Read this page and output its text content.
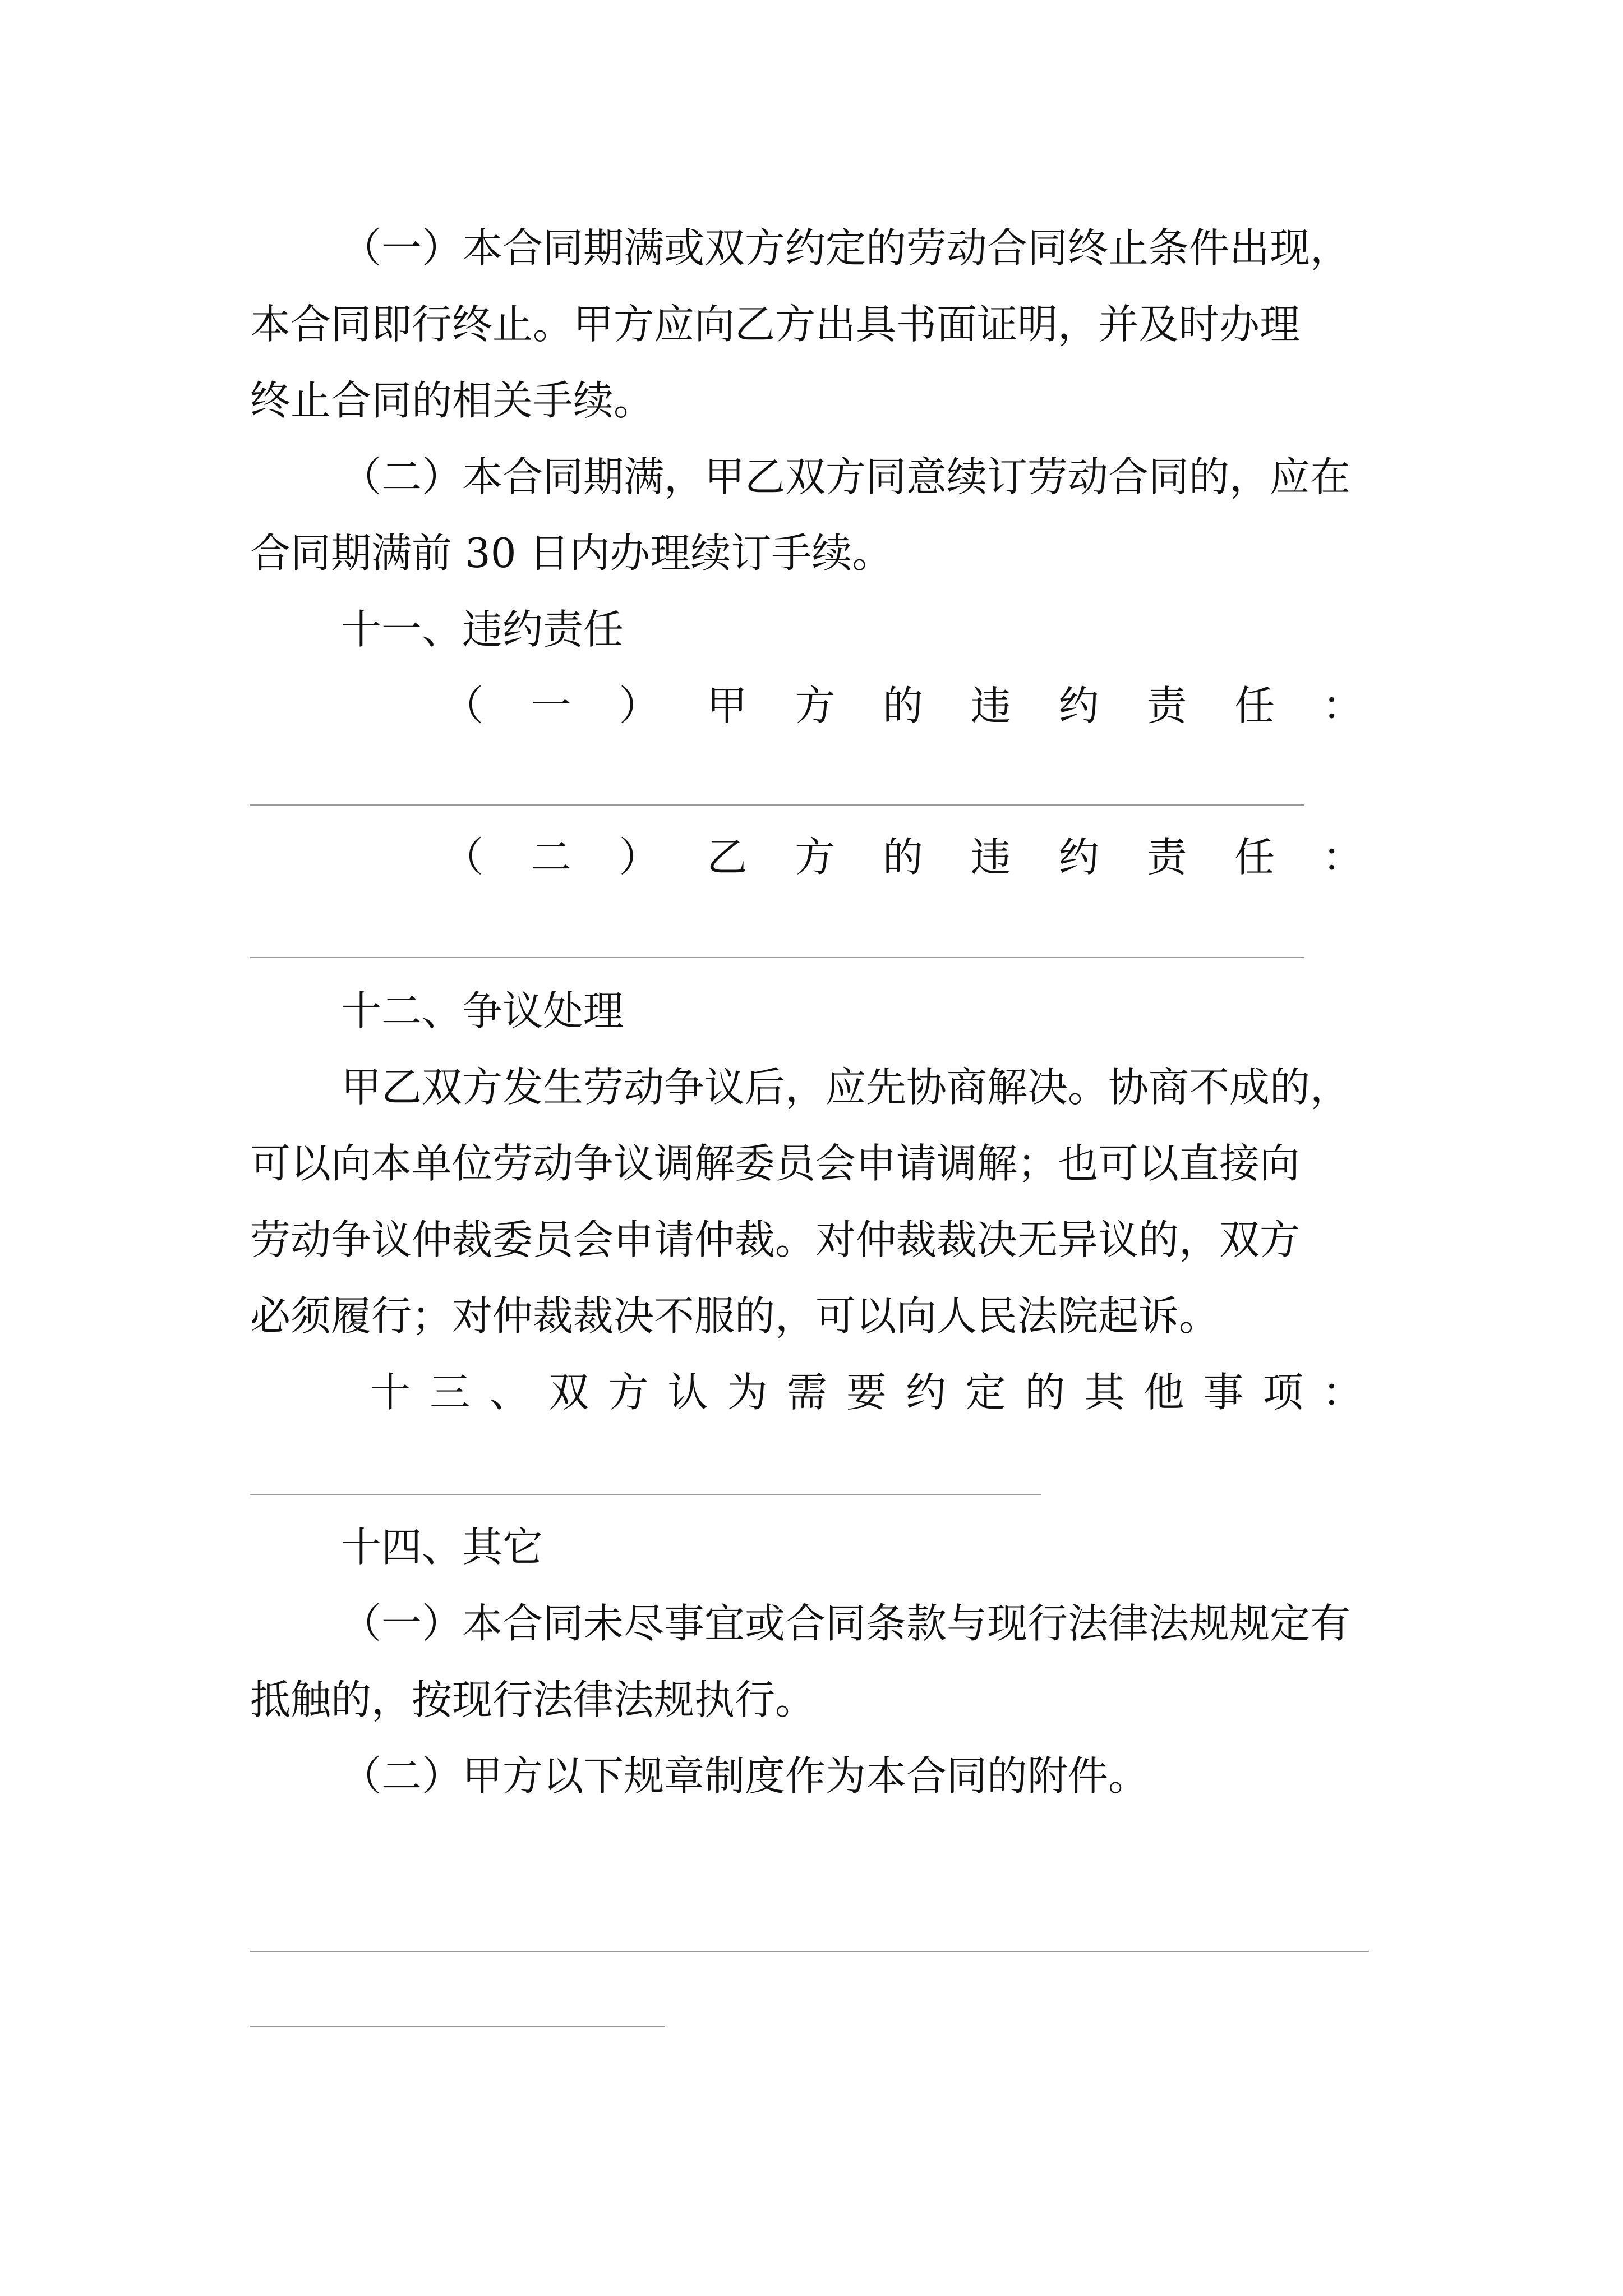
（一）本合同期满或双方约定的劳动合同终止条件出现，
本合同即行终止。甲方应向乙方出具书面证明，并及时办理
终止合同的相关手续。
（二）本合同期满，甲乙双方同意续订劳动合同的，应在
合同期满前 30 日内办理续订手续。
十一、违约责任
（ 一 ） 甲 方 的 违 约 责 任 ：
（ 二 ） 乙 方 的 违 约 责 任 ：
十二、争议处理
甲乙双方发生劳动争议后，应先协商解决。协商不成的，
可以向本单位劳动争议调解委员会申请调解；也可以直接向
劳动争议仲裁委员会申请仲裁。对仲裁裁决无异议的，双方
必须履行；对仲裁裁决不服的，可以向人民法院起诉。
十 三 、 双 方 认 为 需 要 约 定 的 其 他 事 项 ：
十四、其它
（一）本合同未尽事宜或合同条款与现行法律法规规定有
抵触的，按现行法律法规执行。
（二）甲方以下规章制度作为本合同的附件。
